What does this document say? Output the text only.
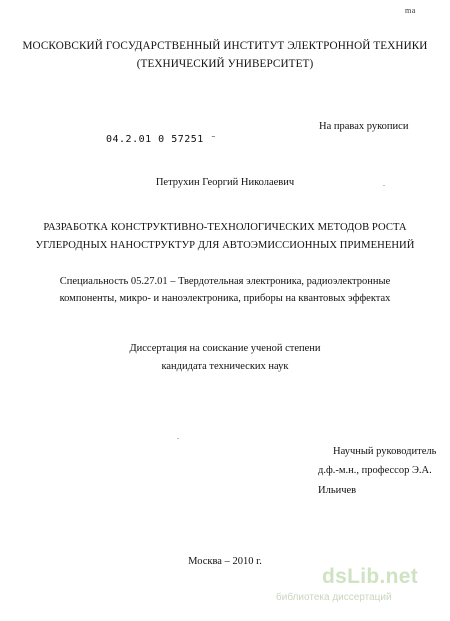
ma
МОСКОВСКИЙ ГОСУДАРСТВЕННЫЙ ИНСТИТУТ ЭЛЕКТРОННОЙ ТЕХНИКИ
(ТЕХНИЧЕСКИЙ УНИВЕРСИТЕТ)
04.2.01 0 57251 ⁻
На правах рукописи
Петрухин Георгий Николаевич	.
РАЗРАБОТКА КОНСТРУКТИВНО-ТЕХНОЛОГИЧЕСКИХ МЕТОДОВ РОСТА
УГЛЕРОДНЫХ НАНОСТРУКТУР ДЛЯ АВТОЭМИССИОННЫХ ПРИМЕНЕНИЙ
Специальность 05.27.01 – Твердотельная электроника, радиоэлектронные
компоненты, микро- и наноэлектроника, приборы на квантовых эффектах
Диссертация на соискание ученой степени
кандидата технических наук
.
Научный руководитель
д.ф.-м.н., профессор Э.А. Ильичев
Москва – 2010 г.
dsLib.net
библиотека диссертаций
